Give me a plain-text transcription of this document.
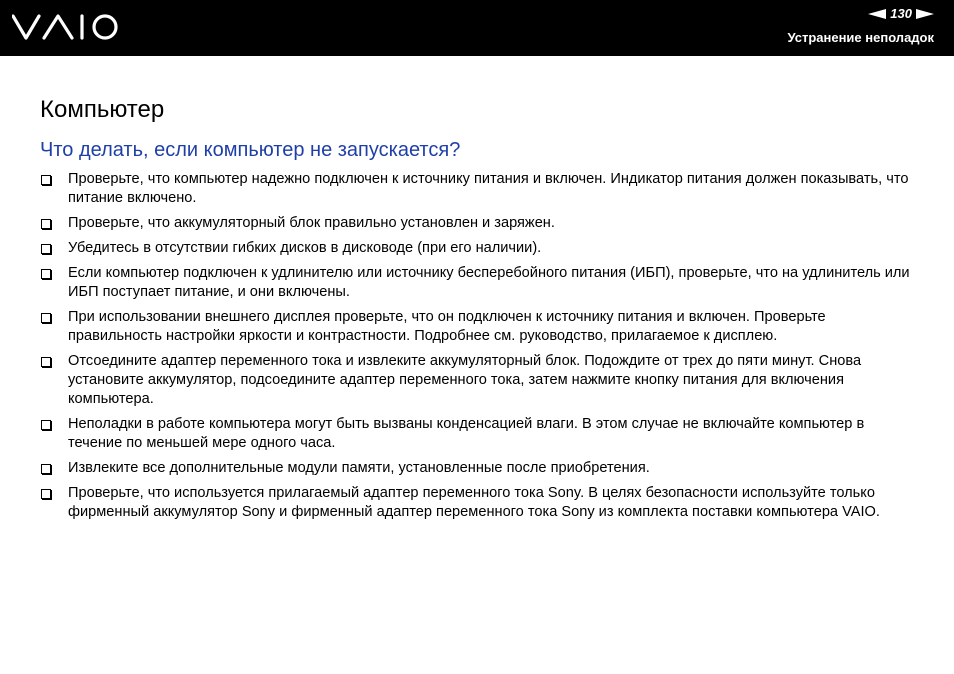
130
Устранение неполадок
Компьютер
Что делать, если компьютер не запускается?
Проверьте, что компьютер надежно подключен к источнику питания и включен. Индикатор питания должен показывать, что питание включено.
Проверьте, что аккумуляторный блок правильно установлен и заряжен.
Убедитесь в отсутствии гибких дисков в дисководе (при его наличии).
Если компьютер подключен к удлинителю или источнику бесперебойного питания (ИБП), проверьте, что на удлинитель или ИБП поступает питание, и они включены.
При использовании внешнего дисплея проверьте, что он подключен к источнику питания и включен. Проверьте правильность настройки яркости и контрастности. Подробнее см. руководство, прилагаемое к дисплею.
Отсоедините адаптер переменного тока и извлеките аккумуляторный блок. Подождите от трех до пяти минут. Снова установите аккумулятор, подсоедините адаптер переменного тока, затем нажмите кнопку питания для включения компьютера.
Неполадки в работе компьютера могут быть вызваны конденсацией влаги. В этом случае не включайте компьютер в течение по меньшей мере одного часа.
Извлеките все дополнительные модули памяти, установленные после приобретения.
Проверьте, что используется прилагаемый адаптер переменного тока Sony. В целях безопасности используйте только фирменный аккумулятор Sony и фирменный адаптер переменного тока Sony из комплекта поставки компьютера VAIO.
